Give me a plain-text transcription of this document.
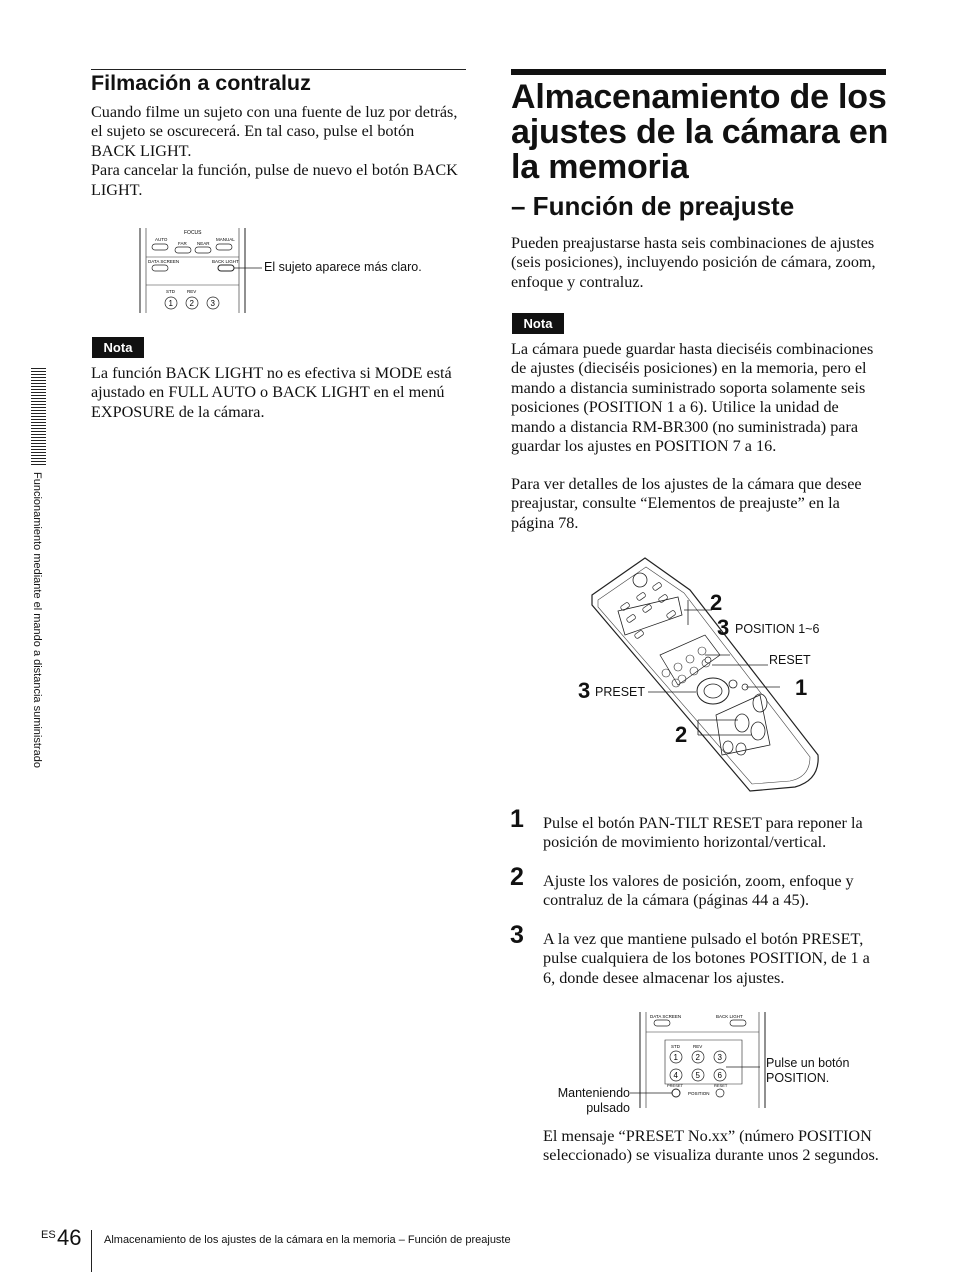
Filmación a contraluz

Cuando filme un sujeto con una fuente de luz por detrás,

el sujeto se oscurecerá. En tal caso, pulse el botón

BACK LIGHT.

Para cancelar la función, pulse de nuevo el botón BACK

LIGHT.

FOCUS
AUTO
FAR NEAR
MANUAL
DATA SCREEN	BACK LIGHT
STD	REV
1 2 3
El sujeto aparece más claro.
Nota

La función BACK LIGHT no es efectiva si MODE está

ajustado en FULL AUTO o BACK LIGHT en el menú

EXPOSURE de la cámara.

Funcionamiento mediante el mando a distancia suministrado

Almacenamiento de los

ajustes de la cámara en

la memoria

– Función de preajuste

Pueden preajustarse hasta seis combinaciones de ajustes

(seis posiciones), incluyendo posición de cámara, zoom,

enfoque y contraluz.

Nota

La cámara puede guardar hasta dieciséis combinaciones

de ajustes (dieciséis posiciones) en la memoria, pero el

mando a distancia suministrado soporta solamente seis

posiciones (POSITION 1 a 6). Utilice la unidad de

mando a distancia RM-BR300 (no suministrada) para

guardar los ajustes en POSITION 7 a 16.

Para ver detalles de los ajustes de la cámara que desee

preajustar, consulte “Elementos de preajuste” en la

página 78.

2
3 POSITION 1~6
RESET
3 PRESET	1
2
1 Pulse el botón PAN-TILT RESET para reponer la

posición de movimiento horizontal/vertical.

2 Ajuste los valores de posición, zoom, enfoque y

contraluz de la cámara (páginas 44 a 45).

3 A la vez que mantiene pulsado el botón PRESET,

pulse cualquiera de los botones POSITION, de 1 a

6, donde desee almacenar los ajustes.

DATA SCREEN	BACK LIGHT
STD	REV
1 2 3
4 5 6
PRESET	RESET
POSITION
Manteniendo
pulsado
Pulse un botón
POSITION.

El mensaje “PRESET No.xx” (número POSITION

seleccionado) se visualiza durante unos 2 segundos.

ES 46 Almacenamiento de los ajustes de la cámara en la memoria – Función de preajuste
